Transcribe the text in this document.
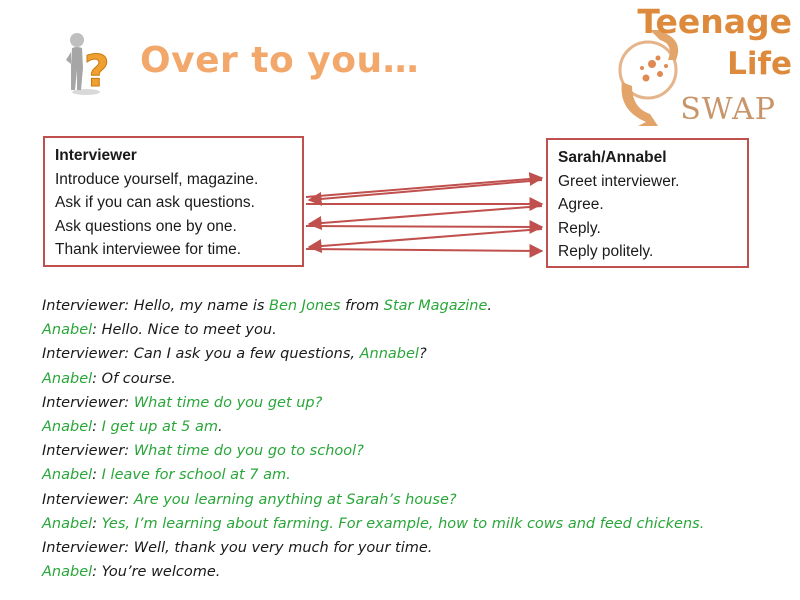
? Over to you…
Teenage
Life
SWAP
Interviewer
Introduce yourself, magazine.
Ask if you can ask questions.
Ask questions one by one.
Thank interviewee for time.
Sarah/Annabel
Greet interviewer.
Agree.
Reply.
Reply politely.
Interviewer: Hello, my name is Ben Jones from Star Magazine.
Anabel: Hello. Nice to meet you.
Interviewer: Can I ask you a few questions, Annabel?
Anabel: Of course.
Interviewer: What time do you get up?
Anabel: I get up at 5 am.
Interviewer: What time do you go to school?
Anabel: I leave for school at 7 am.
Interviewer: Are you learning anything at Sarah’s house?
Anabel: Yes, I’m learning about farming. For example, how to milk cows and feed chickens.
Interviewer: Well, thank you very much for your time.
Anabel: You’re welcome.
